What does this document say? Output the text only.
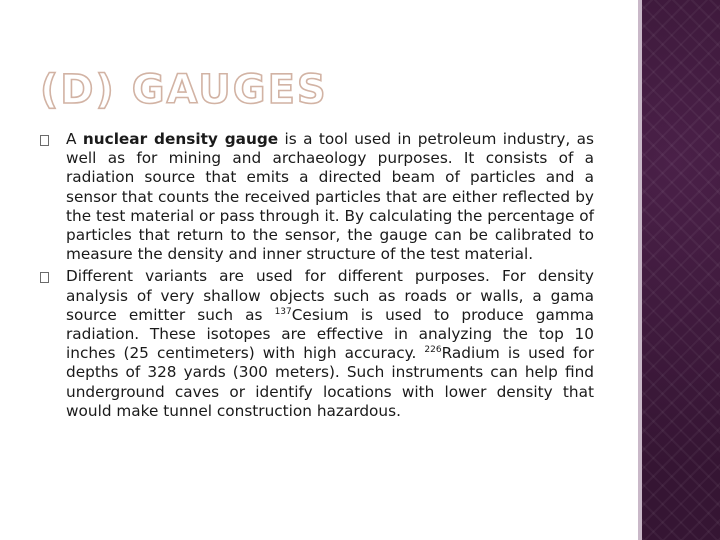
(D) GAUGES
A nuclear density gauge is a tool used in petroleum industry, as well as for mining and archaeology purposes. It consists of a radiation source that emits a directed beam of particles and a sensor that counts the received particles that are either reflected by the test material or pass through it. By calculating the percentage of particles that return to the sensor, the gauge can be calibrated to measure the density and inner structure of the test material.
Different variants are used for different purposes. For density analysis of very shallow objects such as roads or walls, a gama source emitter such as $^{137}$Cesium is used to produce gamma radiation. These isotopes are effective in analyzing the top 10 inches (25 centimeters) with high accuracy. $^{226}$Radium is used for depths of 328 yards (300 meters). Such instruments can help find underground caves or identify locations with lower density that would make tunnel construction hazardous.
